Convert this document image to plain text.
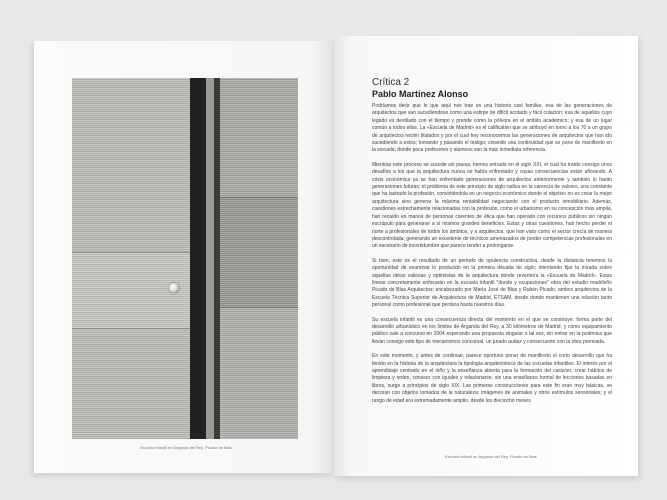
Escuela infantil en Arganda del Rey, Picado de Blas
Crítica 2
Pablo Martínez Alonso

Podríamos decir que lo que aquí nos trae es una historia casi familiar, esa de las generaciones de arquitectos que van sucediéndose como una estirpe de difícil acotado y fácil colación; esa de aquellos cuyo legado es destilado con el tiempo y prende como la pólvora en el ámbito académico; y esa de un lugar común a todos ellos. La «Escuela de Madrid» es el calificativo que se atribuyó en torno a los 70 a un grupo de arquitectos recién titulados y por el cual hoy reconocemos las generaciones de arquitectos que han ido sucediendo a estos; tomando y pasando el testigo; creando una continuidad que se pone de manifiesto en la escuela; donde poca profesores y alumnos son la más inmediata referencia.

Mientras este proceso se sucede sin pausa, hemos entrado en el siglo XXI, el cual ha traído consigo unos desafíos a los que la arquitectura nunca se había enfrentado y cuyas consecuencias están aflorando. A crisis económica ya se han enfrentado generaciones de arquitectos anteriormente y también lo harán generaciones futuras; el problema de este principio de siglo radica en la carencia de valores, una constante que ha lastrado la profesión, convirtiéndola en un negocio económico donde el objetivo no es crear la mejor arquitectura sino generar la máxima rentabilidad negociando con el producto inmobiliario. Además, cuestiones estrechamente relacionadas con la profesión, como el urbanismo en su concepción más amplia, han recaído en manos de personas carentes de ética que han operado con recursos públicos sin ningún escrúpulo para generarse a sí mismos grandes beneficios. Estas y otras cuestiones, han hecho perder el norte a profesionales de todos los ámbitos, y a arquitectos, que han visto como el sector crecía de manera descontrolada; generando un excedente de técnicos amenazados de perder competencias profesionales en un escenario de incertidumbre que parece tender a prolongarse.

Si bien, este es el resultado de un período de opulencia constructiva, desde la distancia tenemos la oportunidad de examinar lo producido en la primera década de siglo; intentando fijar la mirada sobre aquellas obras valiosas y optimistas de la arquitectura donde revertería la «Escuela de Madrid». Estas líneas concretamente enfocarán en la escuela infantil "donde y ocupaciones" obra del estudio madrileño Picado de Blas Arquitectos; encabezado por María José de Blas y Rubén Picado, ambos arquitectos de la Escuela Técnica Superior de Arquitectura de Madrid, ETSAM, desde donde mantienen una relación tanto personal como profesional que perdura hasta nuestros días.

Su escuela infantil es una consecuencia directa del momento en el que se construye: forma parte del desarrollo urbanístico en los límites de Arganda del Rey, a 30 kilómetros de Madrid, y como equipamiento público sale a concurso en 2004 esperando una propuesta singular o tal vez, sin entrar en la polémica que llevan consigo este tipo de mecanismos concursal, un jurado audaz y consecuente con la obra premiada.

En este momento, y antes de continuar, parece oportuno poner de manifiesto el corto desarrollo que ha tenido en la historia de la arquitectura la tipología arquitectónica de las escuelas infantiles. El interés por el aprendizaje centrado en el niño y la enseñanza abierta para la formación del carácter, crear hábitos de limpieza y orden, conocer con iguales y relacionarse, sin una enseñanza formal de lecciones basadas en libros, surge a principios de siglo XIX. Las primeras construcciones para este fin eran muy básicas, se decoran con objetos tomados de la naturaleza; imágenes de animales y otros estímulos sensoriales; y el rango de edad era extremadamente amplio, desde los dieciocho meses

Escuela infantil en Arganda del Rey, Picado de Blas
